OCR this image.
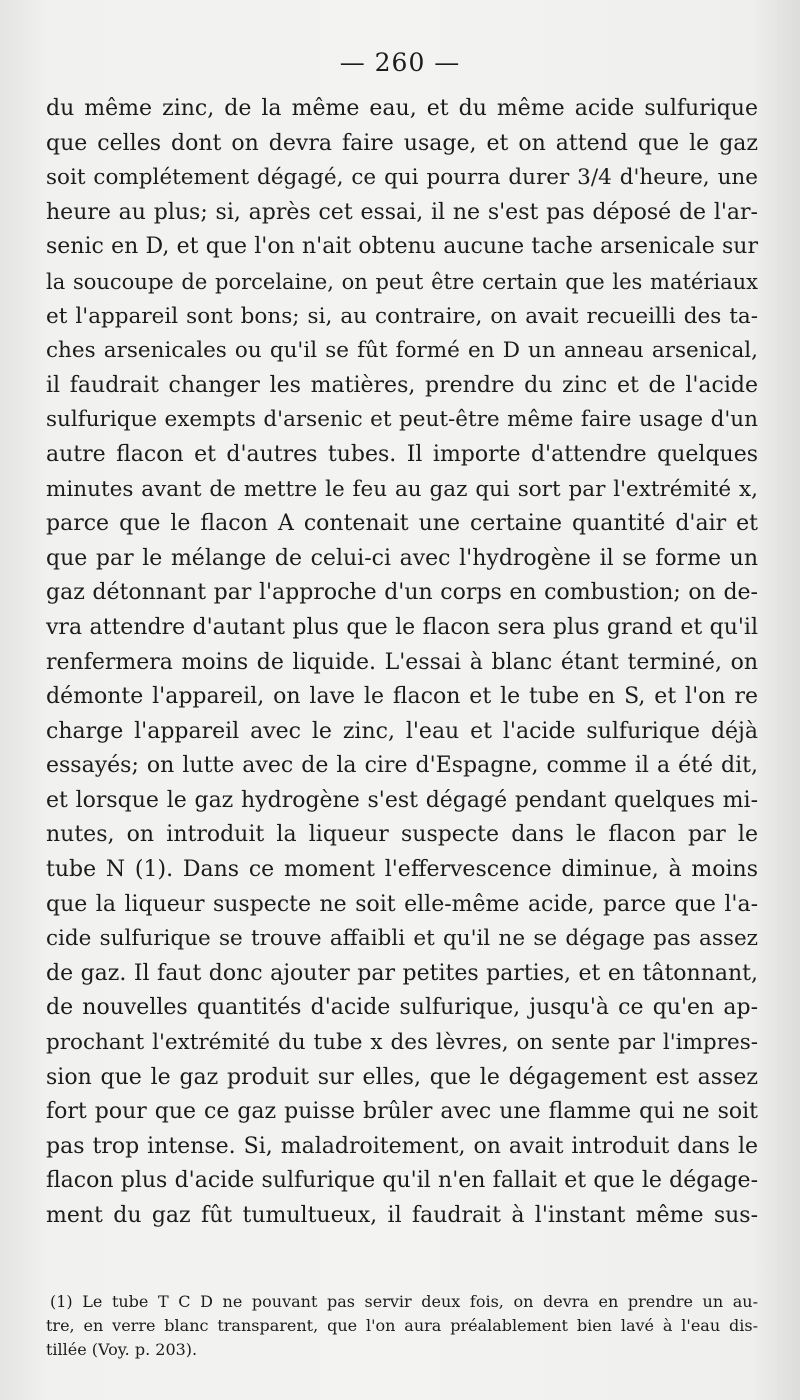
— 260 —
du même zinc, de la même eau, et du même acide sulfurique
que celles dont on devra faire usage, et on attend que le gaz
soit complétement dégagé, ce qui pourra durer 3/4 d'heure, une
heure au plus; si, après cet essai, il ne s'est pas déposé de l'ar-
senic en D, et que l'on n'ait obtenu aucune tache arsenicale sur
la soucoupe de porcelaine, on peut être certain que les matériaux
et l'appareil sont bons; si, au contraire, on avait recueilli des ta-
ches arsenicales ou qu'il se fût formé en D un anneau arsenical,
il faudrait changer les matières, prendre du zinc et de l'acide
sulfurique exempts d'arsenic et peut-être même faire usage d'un
autre flacon et d'autres tubes. Il importe d'attendre quelques
minutes avant de mettre le feu au gaz qui sort par l'extrémité x,
parce que le flacon A contenait une certaine quantité d'air et
que par le mélange de celui-ci avec l'hydrogène il se forme un
gaz détonnant par l'approche d'un corps en combustion; on de-
vra attendre d'autant plus que le flacon sera plus grand et qu'il
renfermera moins de liquide. L'essai à blanc étant terminé, on
démonte l'appareil, on lave le flacon et le tube en S, et l'on re
charge l'appareil avec le zinc, l'eau et l'acide sulfurique déjà
essayés; on lutte avec de la cire d'Espagne, comme il a été dit,
et lorsque le gaz hydrogène s'est dégagé pendant quelques mi-
nutes, on introduit la liqueur suspecte dans le flacon par le
tube N (1). Dans ce moment l'effervescence diminue, à moins
que la liqueur suspecte ne soit elle-même acide, parce que l'a-
cide sulfurique se trouve affaibli et qu'il ne se dégage pas assez
de gaz. Il faut donc ajouter par petites parties, et en tâtonnant,
de nouvelles quantités d'acide sulfurique, jusqu'à ce qu'en ap-
prochant l'extrémité du tube x des lèvres, on sente par l'impres-
sion que le gaz produit sur elles, que le dégagement est assez
fort pour que ce gaz puisse brûler avec une flamme qui ne soit
pas trop intense. Si, maladroitement, on avait introduit dans le
flacon plus d'acide sulfurique qu'il n'en fallait et que le dégage-
ment du gaz fût tumultueux, il faudrait à l'instant même sus-
(1) Le tube T C D ne pouvant pas servir deux fois, on devra en prendre un au-
tre, en verre blanc transparent, que l'on aura préalablement bien lavé à l'eau dis-
tillée (Voy. p. 203).
